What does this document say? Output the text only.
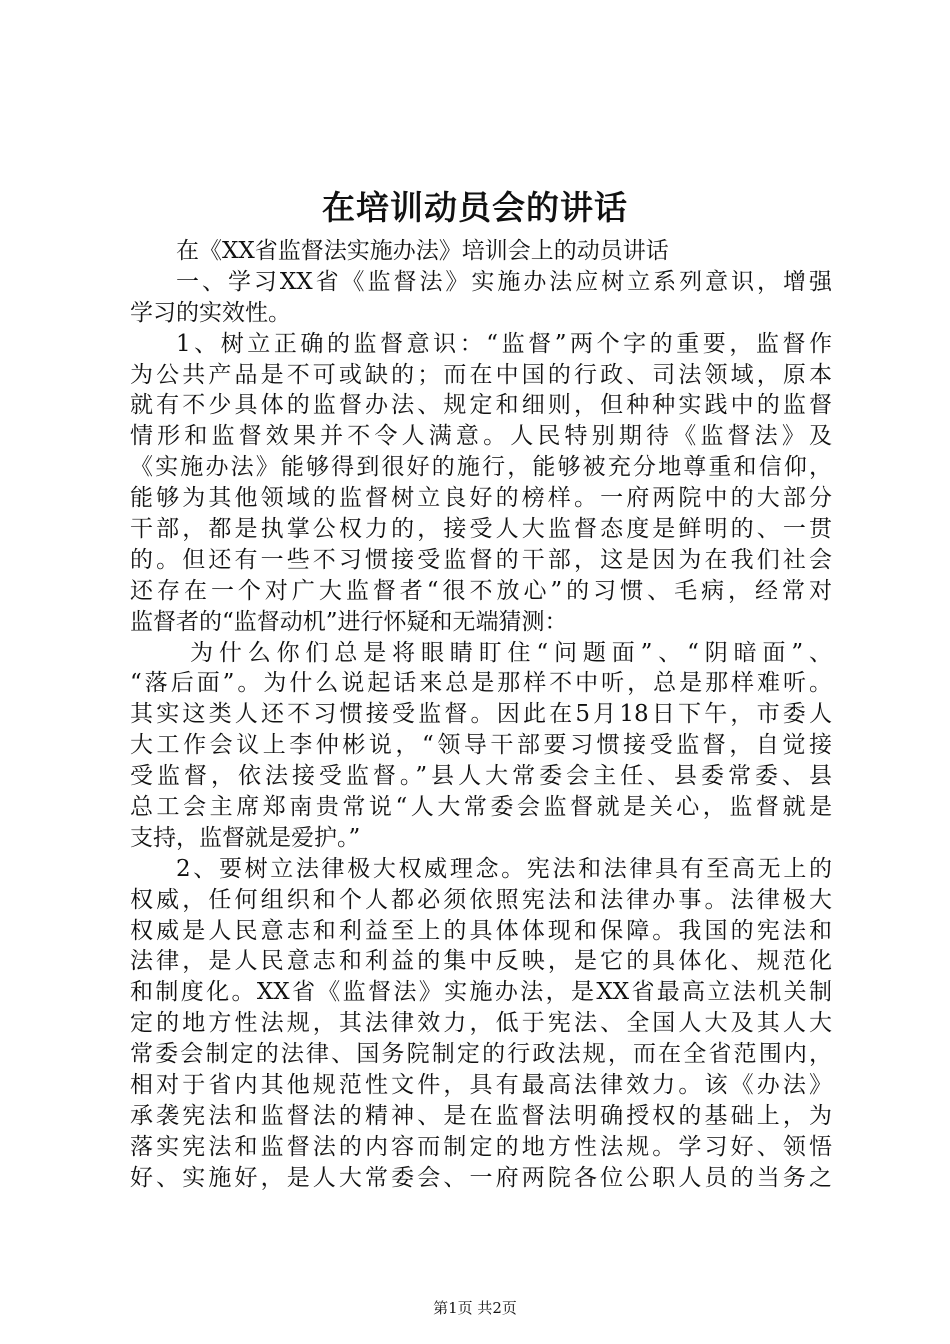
在培训动员会的讲话
在《XX省监督法实施办法》培训会上的动员讲话
一、学习XX省《监督法》实施办法应树立系列意识，增强
学习的实效性。
1、树立正确的监督意识：“监督”两个字的重要，监督作
为公共产品是不可或缺的；而在中国的行政、司法领域，原本
就有不少具体的监督办法、规定和细则，但种种实践中的监督
情形和监督效果并不令人满意。人民特别期待《监督法》及
《实施办法》能够得到很好的施行，能够被充分地尊重和信仰，
能够为其他领域的监督树立良好的榜样。一府两院中的大部分
干部，都是执掌公权力的，接受人大监督态度是鲜明的、一贯
的。但还有一些不习惯接受监督的干部，这是因为在我们社会
还存在一个对广大监督者“很不放心”的习惯、毛病，经常对
监督者的“监督动机”进行怀疑和无端猜测：
为什么你们总是将眼睛盯住“问题面”、“阴暗面”、
“落后面”。为什么说起话来总是那样不中听，总是那样难听。
其实这类人还不习惯接受监督。因此在5月18日下午，市委人
大工作会议上李仲彬说，“领导干部要习惯接受监督，自觉接
受监督，依法接受监督。”县人大常委会主任、县委常委、县
总工会主席郑南贵常说“人大常委会监督就是关心，监督就是
支持，监督就是爱护。”
2、要树立法律极大权威理念。宪法和法律具有至高无上的
权威，任何组织和个人都必须依照宪法和法律办事。法律极大
权威是人民意志和利益至上的具体体现和保障。我国的宪法和
法律，是人民意志和利益的集中反映，是它的具体化、规范化
和制度化。XX省《监督法》实施办法，是XX省最高立法机关制
定的地方性法规，其法律效力，低于宪法、全国人大及其人大
常委会制定的法律、国务院制定的行政法规，而在全省范围内，
相对于省内其他规范性文件，具有最高法律效力。该《办法》
承袭宪法和监督法的精神、是在监督法明确授权的基础上，为
落实宪法和监督法的内容而制定的地方性法规。学习好、领悟
好、实施好，是人大常委会、一府两院各位公职人员的当务之
第1页 共2页
